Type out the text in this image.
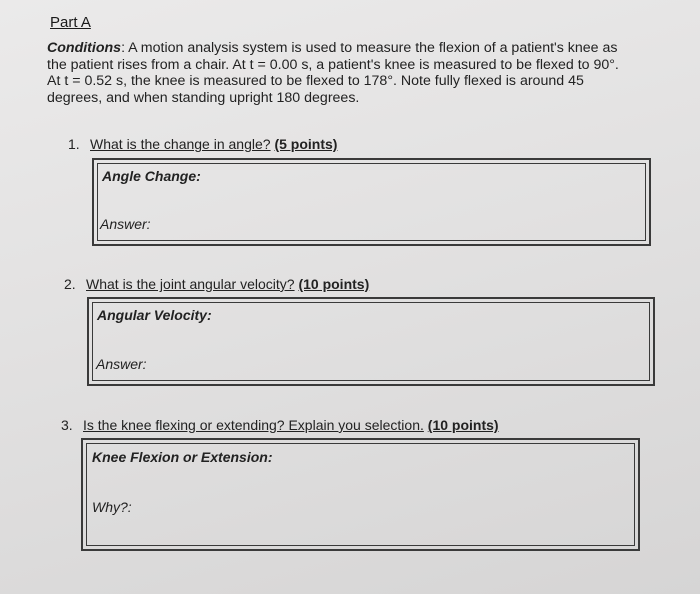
Part A
Conditions: A motion analysis system is used to measure the flexion of a patient's knee as
the patient rises from a chair. At t = 0.00 s, a patient's knee is measured to be flexed to 90°.
At t = 0.52 s, the knee is measured to be flexed to 178°. Note fully flexed is around 45
degrees, and when standing upright 180 degrees.
1. What is the change in angle? (5 points)
Angle Change:
Answer:
2. What is the joint angular velocity? (10 points)
Angular Velocity:
Answer:
3. Is the knee flexing or extending? Explain you selection. (10 points)
Knee Flexion or Extension:
Why?:
